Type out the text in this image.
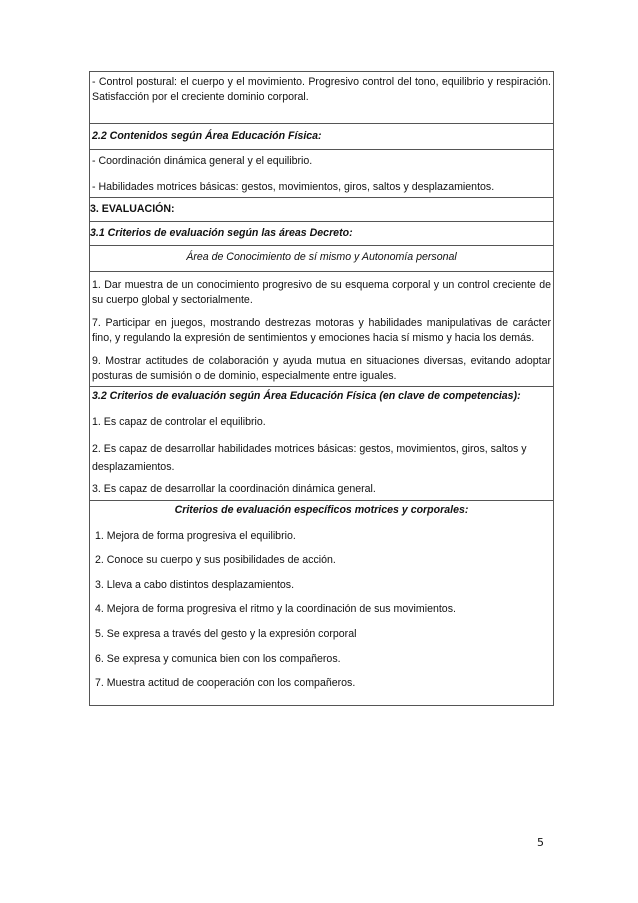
- Control postural: el cuerpo y el movimiento. Progresivo control del tono, equilibrio y respiración. Satisfacción por el creciente dominio corporal.

2.2 Contenidos según Área Educación Física:

- Coordinación dinámica general y el equilibrio.

- Habilidades motrices básicas: gestos, movimientos, giros, saltos y desplazamientos.

3. EVALUACIÓN:

3.1 Criterios de evaluación según las áreas Decreto:

Área de Conocimiento de sí mismo y Autonomía personal

1. Dar muestra de un conocimiento progresivo de su esquema corporal y un control creciente de su cuerpo global y sectorialmente.

7. Participar en juegos, mostrando destrezas motoras y habilidades manipulativas de carácter fino, y regulando la expresión de sentimientos y emociones hacia sí mismo y hacia los demás.

9. Mostrar actitudes de colaboración y ayuda mutua en situaciones diversas, evitando adoptar posturas de sumisión o de dominio, especialmente entre iguales.

3.2 Criterios de evaluación según Área Educación Física (en clave de competencias):

1. Es capaz de controlar el equilibrio.

2. Es capaz de desarrollar habilidades motrices básicas: gestos, movimientos, giros, saltos y desplazamientos.

3. Es capaz de desarrollar la coordinación dinámica general.

Criterios de evaluación específicos motrices y corporales:

1. Mejora de forma progresiva el equilibrio.

2. Conoce su cuerpo y sus posibilidades de acción.

3. Lleva a cabo distintos desplazamientos.

4. Mejora de forma progresiva el ritmo y la coordinación de sus movimientos.

5. Se expresa a través del gesto y la expresión corporal

6. Se expresa y comunica bien con los compañeros.

7. Muestra actitud de cooperación con los compañeros.

5
